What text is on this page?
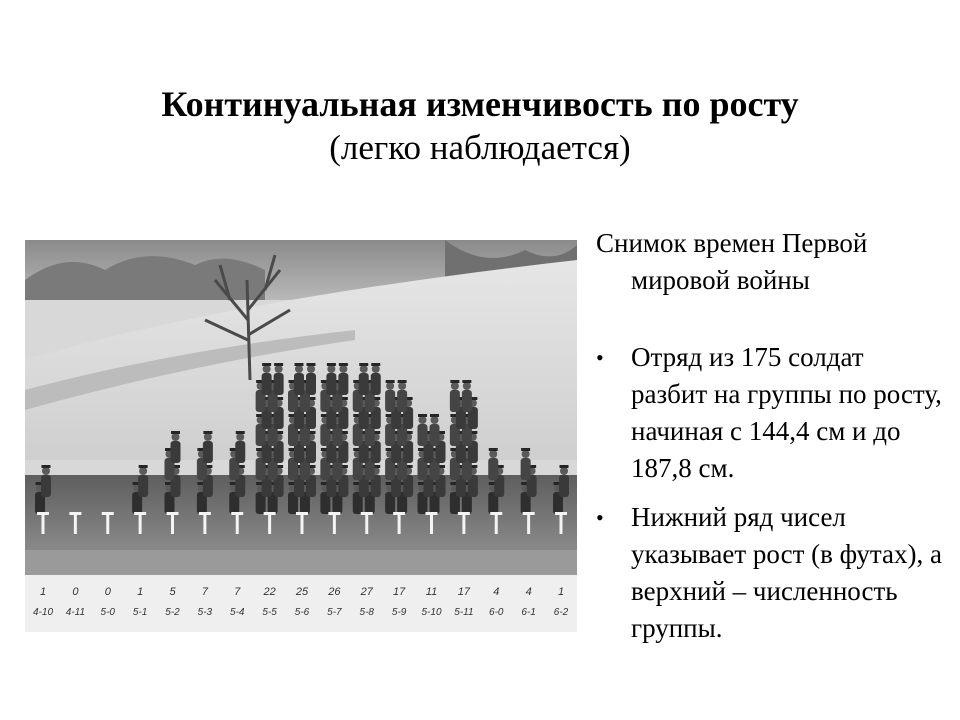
Континуальная изменчивость по росту

(легко наблюдается)

1
4-10
0
4-11
0
5-0
1
5-1
5
5-2
7
5-3
7
5-4
22
5-5
25
5-6
26
5-7
27
5-8
17
5-9
11
5-10
17
5-11
4
6-0
4
6-1
1
6-2

Снимок времен Первой мировой войны

• Отряд из 175 солдат разбит на группы по росту, начиная с 144,4 см и до 187,8 см.
• Нижний ряд чисел указывает рост (в футах), а верхний – численность группы.
